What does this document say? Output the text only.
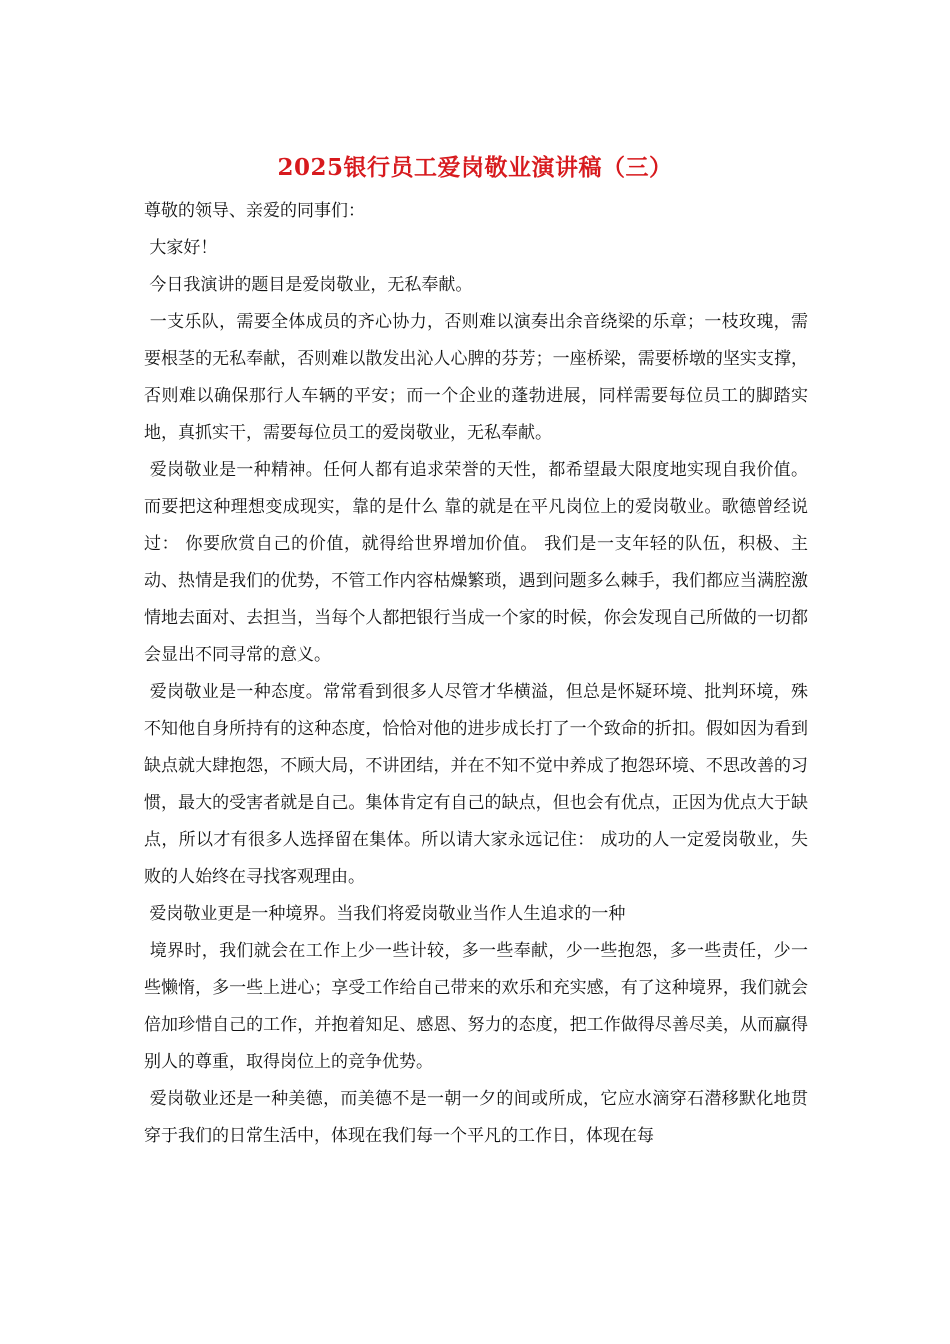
2025银行员工爱岗敬业演讲稿（三）

尊敬的领导、亲爱的同事们：

大家好！

今日我演讲的题目是爱岗敬业，无私奉献。

一支乐队，需要全体成员的齐心协力，否则难以演奏出余音绕梁的乐章；一枝玫瑰，需要根茎的无私奉献，否则难以散发出沁人心脾的芬芳；一座桥梁，需要桥墩的坚实支撑，否则难以确保那行人车辆的平安；而一个企业的蓬勃进展，同样需要每位员工的脚踏实地，真抓实干，需要每位员工的爱岗敬业，无私奉献。

爱岗敬业是一种精神。任何人都有追求荣誉的天性，都希望最大限度地实现自我价值。而要把这种理想变成现实，靠的是什么 靠的就是在平凡岗位上的爱岗敬业。歌德曾经说过： 你要欣赏自己的价值，就得给世界增加价值。 我们是一支年轻的队伍，积极、主动、热情是我们的优势，不管工作内容枯燥繁琐，遇到问题多么棘手，我们都应当满腔激情地去面对、去担当，当每个人都把银行当成一个家的时候，你会发现自己所做的一切都会显出不同寻常的意义。

爱岗敬业是一种态度。常常看到很多人尽管才华横溢，但总是怀疑环境、批判环境，殊不知他自身所持有的这种态度，恰恰对他的进步成长打了一个致命的折扣。假如因为看到缺点就大肆抱怨，不顾大局，不讲团结，并在不知不觉中养成了抱怨环境、不思改善的习惯，最大的受害者就是自己。集体肯定有自己的缺点，但也会有优点，正因为优点大于缺点，所以才有很多人选择留在集体。所以请大家永远记住： 成功的人一定爱岗敬业，失败的人始终在寻找客观理由。

爱岗敬业更是一种境界。当我们将爱岗敬业当作人生追求的一种

境界时，我们就会在工作上少一些计较，多一些奉献，少一些抱怨，多一些责任，少一些懒惰，多一些上进心；享受工作给自己带来的欢乐和充实感，有了这种境界，我们就会倍加珍惜自己的工作，并抱着知足、感恩、努力的态度，把工作做得尽善尽美，从而赢得别人的尊重，取得岗位上的竞争优势。

爱岗敬业还是一种美德，而美德不是一朝一夕的间或所成，它应水滴穿石潜移默化地贯穿于我们的日常生活中，体现在我们每一个平凡的工作日，体现在每
